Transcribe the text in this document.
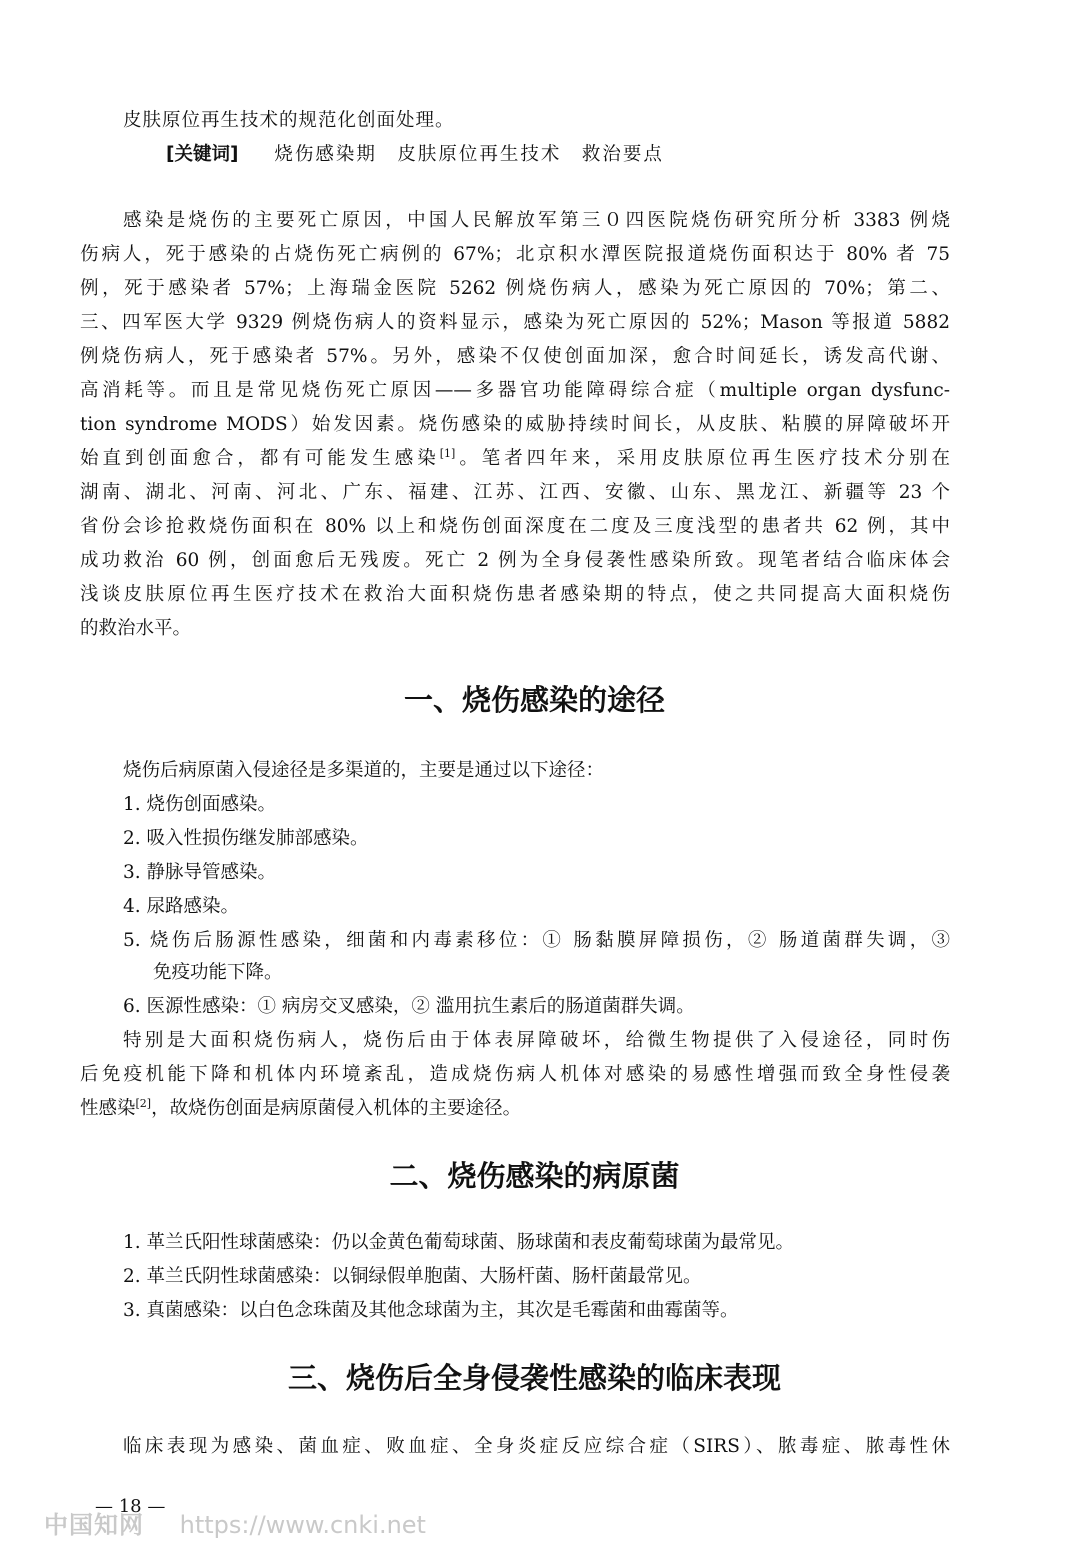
皮肤原位再生技术的规范化创面处理。
[关键词] 烧伤感染期　皮肤原位再生技术　救治要点
感染是烧伤的主要死亡原因，中国人民解放军第三０四医院烧伤研究所分析 3383 例烧
伤病人，死于感染的占烧伤死亡病例的 67%；北京积水潭医院报道烧伤面积达于 80% 者 75
例，死于感染者 57%；上海瑞金医院 5262 例烧伤病人，感染为死亡原因的 70%；第二、
三、四军医大学 9329 例烧伤病人的资料显示，感染为死亡原因的 52%；Mason 等报道 5882
例烧伤病人，死于感染者 57%。另外，感染不仅使创面加深，愈合时间延长，诱发高代谢、
高消耗等。而且是常见烧伤死亡原因——多器官功能障碍综合症（multiple organ dysfunc-
tion syndrome MODS）始发因素。烧伤感染的威胁持续时间长，从皮肤、粘膜的屏障破坏开
始直到创面愈合，都有可能发生感染[1]。笔者四年来，采用皮肤原位再生医疗技术分别在
湖南、湖北、河南、河北、广东、福建、江苏、江西、安徽、山东、黑龙江、新疆等 23 个
省份会诊抢救烧伤面积在 80% 以上和烧伤创面深度在二度及三度浅型的患者共 62 例，其中
成功救治 60 例，创面愈后无残废。死亡 2 例为全身侵袭性感染所致。现笔者结合临床体会
浅谈皮肤原位再生医疗技术在救治大面积烧伤患者感染期的特点，使之共同提高大面积烧伤
的救治水平。
一、烧伤感染的途径
烧伤后病原菌入侵途径是多渠道的，主要是通过以下途径：
1. 烧伤创面感染。
2. 吸入性损伤继发肺部感染。
3. 静脉导管感染。
4. 尿路感染。
5. 烧伤后肠源性感染，细菌和内毒素移位：① 肠黏膜屏障损伤，② 肠道菌群失调，③
免疫功能下降。
6. 医源性感染：① 病房交叉感染，② 滥用抗生素后的肠道菌群失调。
特别是大面积烧伤病人，烧伤后由于体表屏障破坏，给微生物提供了入侵途径，同时伤
后免疫机能下降和机体内环境紊乱，造成烧伤病人机体对感染的易感性增强而致全身性侵袭
性感染[2]，故烧伤创面是病原菌侵入机体的主要途径。
二、烧伤感染的病原菌
1. 革兰氏阳性球菌感染：仍以金黄色葡萄球菌、肠球菌和表皮葡萄球菌为最常见。
2. 革兰氏阴性球菌感染：以铜绿假单胞菌、大肠杆菌、肠杆菌最常见。
3. 真菌感染：以白色念珠菌及其他念球菌为主，其次是毛霉菌和曲霉菌等。
三、烧伤后全身侵袭性感染的临床表现
临床表现为感染、菌血症、败血症、全身炎症反应综合症（SIRS）、脓毒症、脓毒性休
— 18 —
中国知网 https://www.cnki.net
